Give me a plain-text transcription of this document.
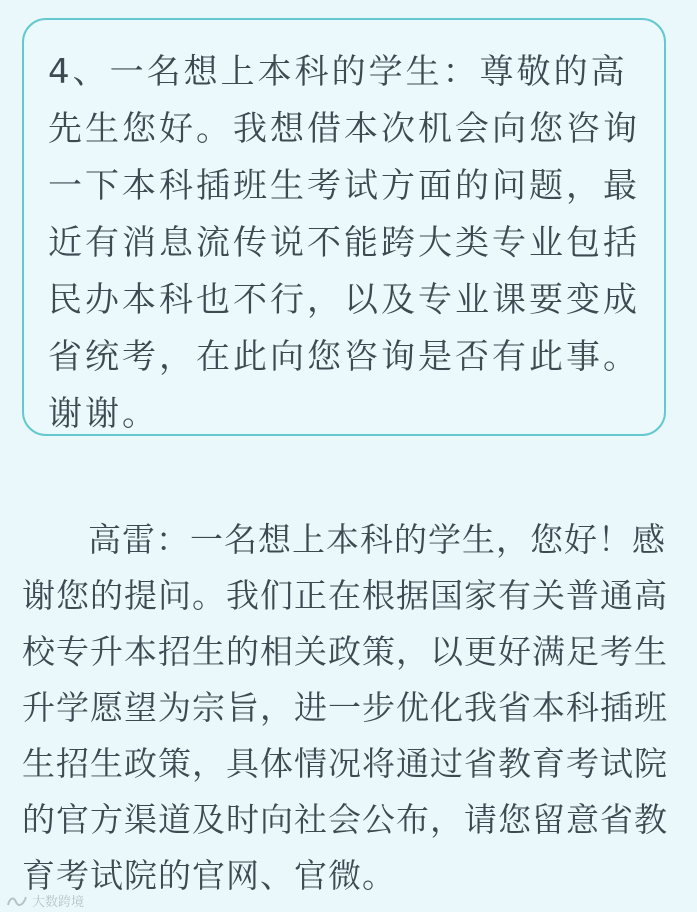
4、一名想上本科的学生：尊敬的高先生您好。我想借本次机会向您咨询一下本科插班生考试方面的问题，最近有消息流传说不能跨大类专业包括民办本科也不行，以及专业课要变成省统考，在此向您咨询是否有此事。谢谢。

高雷：一名想上本科的学生，您好！感谢您的提问。我们正在根据国家有关普通高校专升本招生的相关政策，以更好满足考生升学愿望为宗旨，进一步优化我省本科插班生招生政策，具体情况将通过省教育考试院的官方渠道及时向社会公布，请您留意省教育考试院的官网、官微。

大数跨境
